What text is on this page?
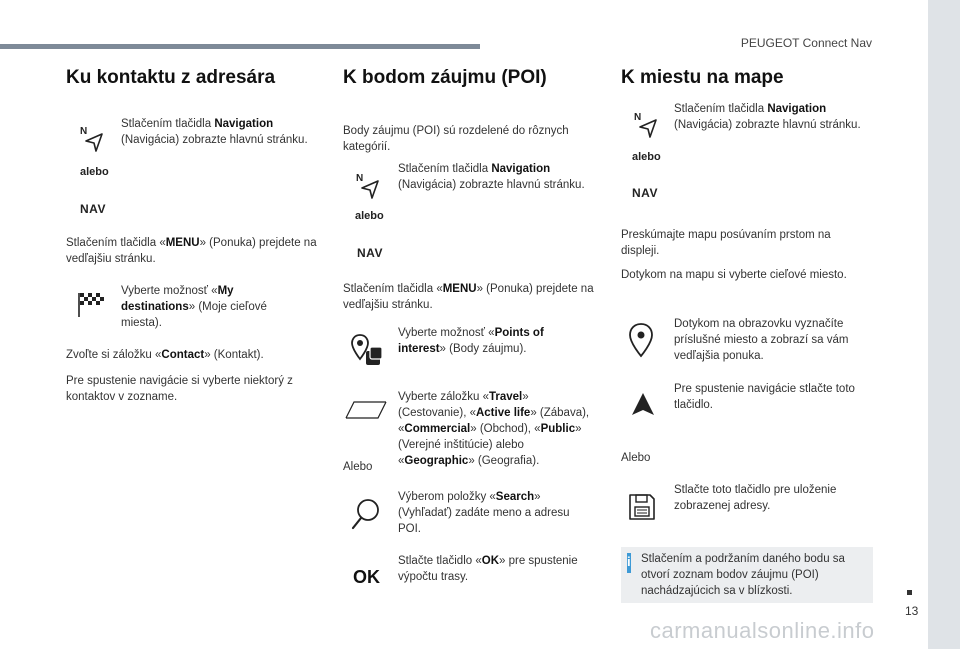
PEUGEOT Connect Nav
13
carmanualsonline.info
Ku kontaktu z adresára
N
Stlačením tlačidla Navigation (Navigácia) zobrazte hlavnú stránku.
alebo
NAV
Stlačením tlačidla «MENU» (Ponuka) prejdete na vedľajšiu stránku.
Vyberte možnosť «My destinations» (Moje cieľové miesta).
Zvoľte si záložku «Contact» (Kontakt).
Pre spustenie navigácie si vyberte niektorý z kontaktov v zozname.
K bodom záujmu (POI)
Body záujmu (POI) sú rozdelené do rôznych kategórií.
N
Stlačením tlačidla Navigation (Navigácia) zobrazte hlavnú stránku.
alebo
NAV
Stlačením tlačidla «MENU» (Ponuka) prejdete na vedľajšiu stránku.
Vyberte možnosť «Points of interest» (Body záujmu).
Vyberte záložku «Travel» (Cestovanie), «Active life» (Zábava), «Commercial» (Obchod), «Public» (Verejné inštitúcie) alebo «Geographic» (Geografia).
Alebo
Výberom položky «Search» (Vyhľadať) zadáte meno a adresu POI.
OK
Stlačte tlačidlo «OK» pre spustenie výpočtu trasy.
K miestu na mape
N
Stlačením tlačidla Navigation (Navigácia) zobrazte hlavnú stránku.
alebo
NAV
Preskúmajte mapu posúvaním prstom na displeji.
Dotykom na mapu si vyberte cieľové miesto.
Dotykom na obrazovku vyznačíte príslušné miesto a zobrazí sa vám vedľajšia ponuka.
Pre spustenie navigácie stlačte toto tlačidlo.
Alebo
Stlačte toto tlačidlo pre uloženie zobrazenej adresy.
i Stlačením a podržaním daného bodu sa otvorí zoznam bodov záujmu (POI) nachádzajúcich sa v blízkosti.
